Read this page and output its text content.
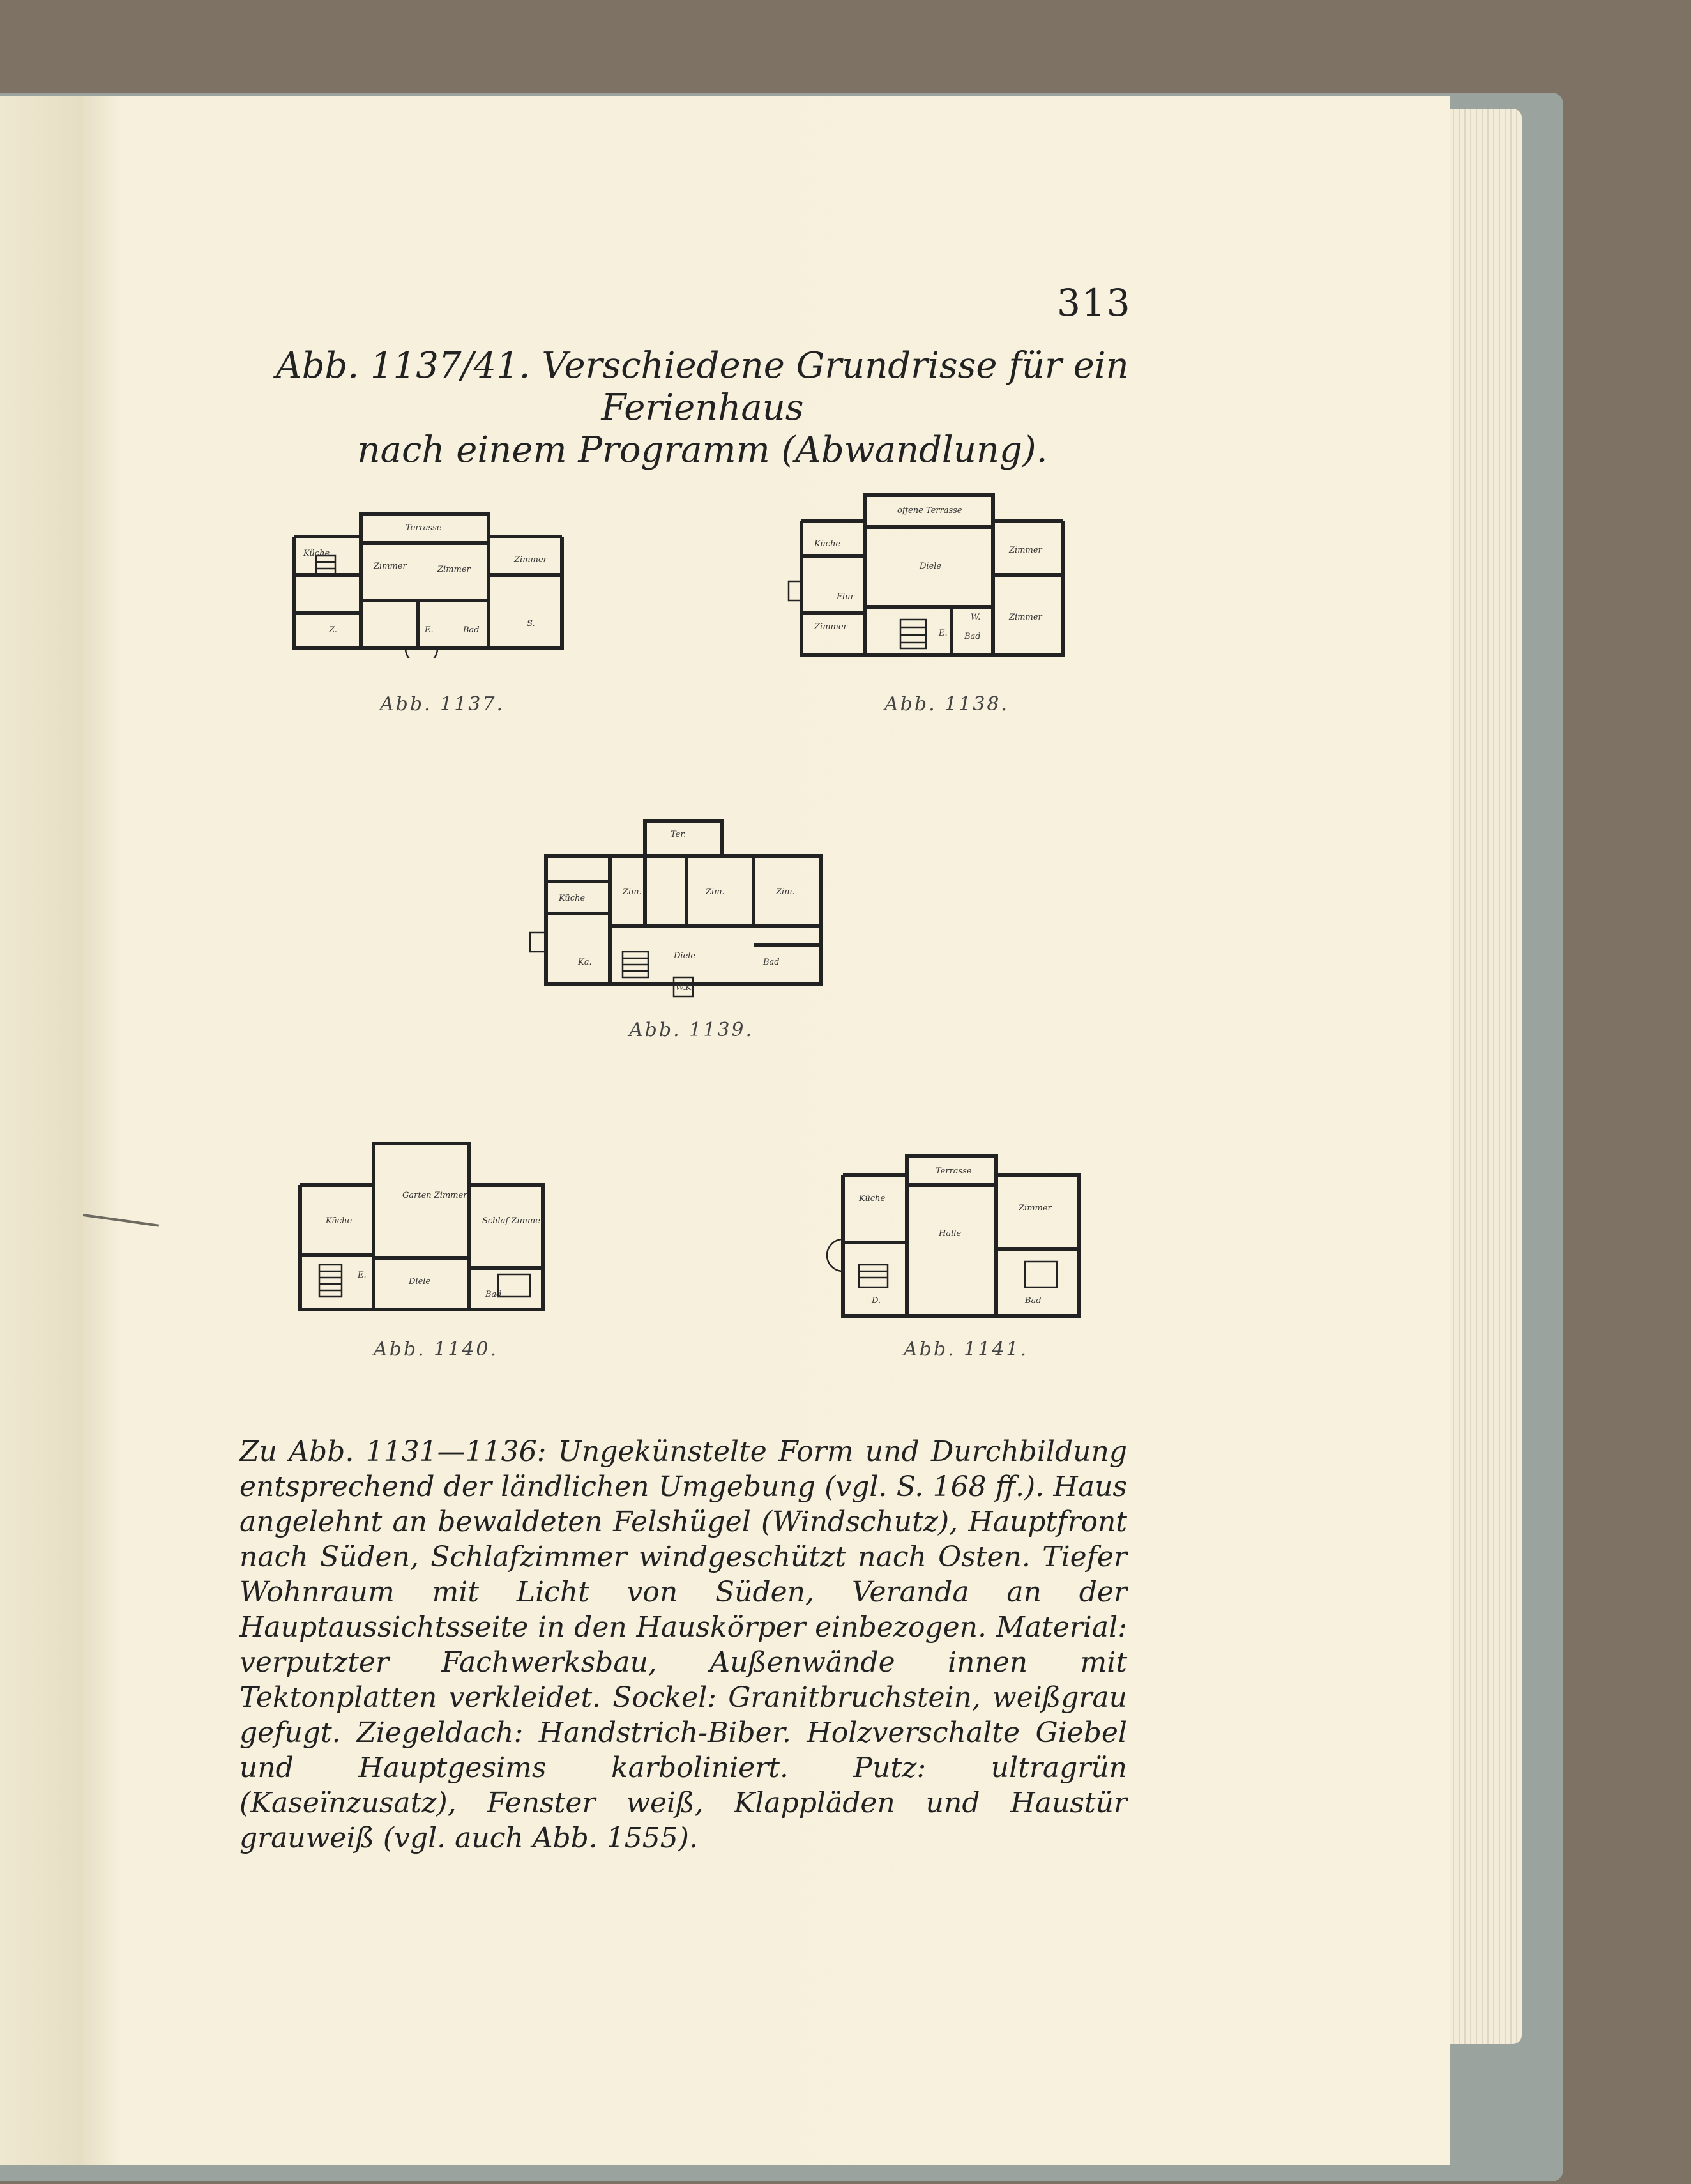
313
Abb. 1137/41. Verschiedene Grundrisse für ein Ferienhaus
nach einem Programm (Abwandlung).
Terrasse
Küche
Zimmer	Zimmer
Zimmer
Z.	Bad
E.
S.
Abb. 1137.
offene Terrasse
Küche
Diele
Zimmer
Zimmer
Zimmer
Bad
E.
Flur
W.
Abb. 1138.
Ter.
Küche
Zim.	Zim.	Zim.
Diele
Ka.	Bad
W.K.
Abb. 1139.
Garten Zimmer
Küche	Schlaf Zimmer
Diele
Bad
E.
Abb. 1140.
Terrasse
Küche
Halle
Zimmer
Bad
D.
Abb. 1141.
Zu Abb. 1131—1136: Ungekünstelte Form und Durchbildung entsprechend der ländlichen Umgebung (vgl. S. 168 ff.). Haus angelehnt an bewaldeten Felshügel (Windschutz), Hauptfront nach Süden, Schlafzimmer windgeschützt nach Osten. Tiefer Wohnraum mit Licht von Süden, Veranda an der Hauptaussichtsseite in den Hauskörper einbezogen. Material: verputzter Fachwerksbau, Außenwände innen mit Tektonplatten verkleidet. Sockel: Granitbruchstein, weißgrau gefugt. Ziegeldach: Handstrich-Biber. Holzverschalte Giebel und Hauptgesims karboliniert. Putz: ultragrün (Kaseïnzusatz), Fenster weiß, Klappläden und Haustür grauweiß (vgl. auch Abb. 1555).
